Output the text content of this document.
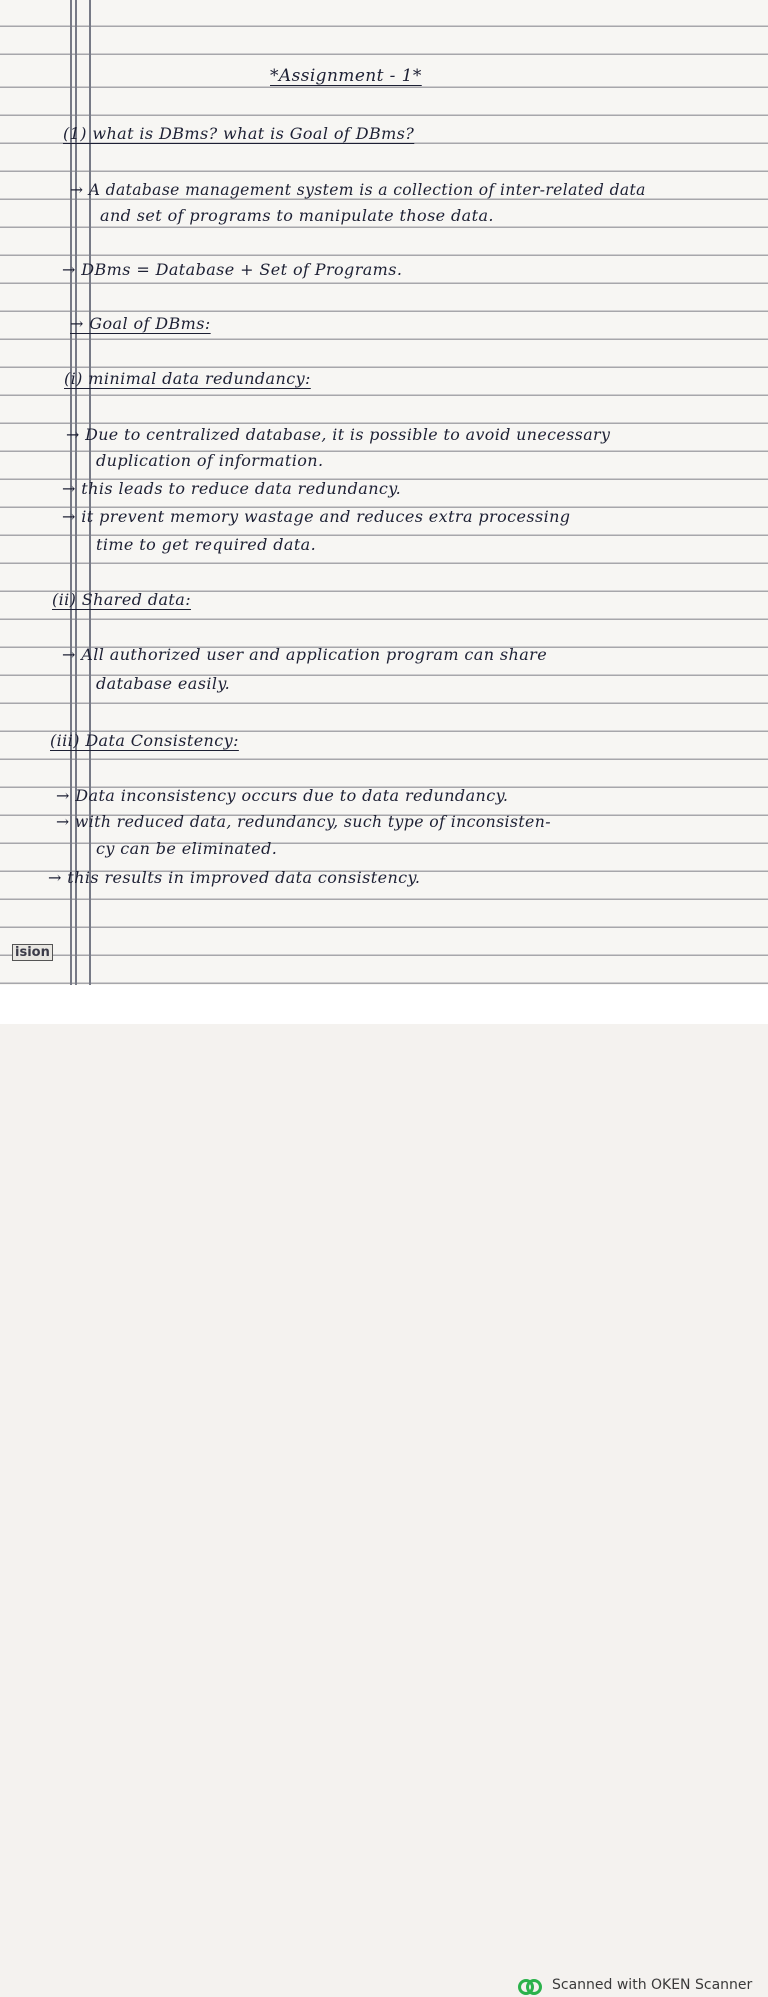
*Assignment - 1*
(1) what is DBms? what is Goal of DBms?
→ A database management system is a collection of inter-related data
and set of programs to manipulate those data.
→ DBms = Database + Set of Programs.
→ Goal of DBms:
(i) minimal data redundancy:
→ Due to centralized database, it is possible to avoid unecessary
duplication of information.
→ this leads to reduce data redundancy.
→ it prevent memory wastage and reduces extra processing
time to get required data.
(ii) Shared data:
→ All authorized user and application program can share
database easily.
(iii) Data Consistency:
→ Data inconsistency occurs due to data redundancy.
→ with reduced data, redundancy, such type of inconsisten-
cy can be eliminated.
→ this results in improved data consistency.
ision
Scanned with OKEN Scanner
